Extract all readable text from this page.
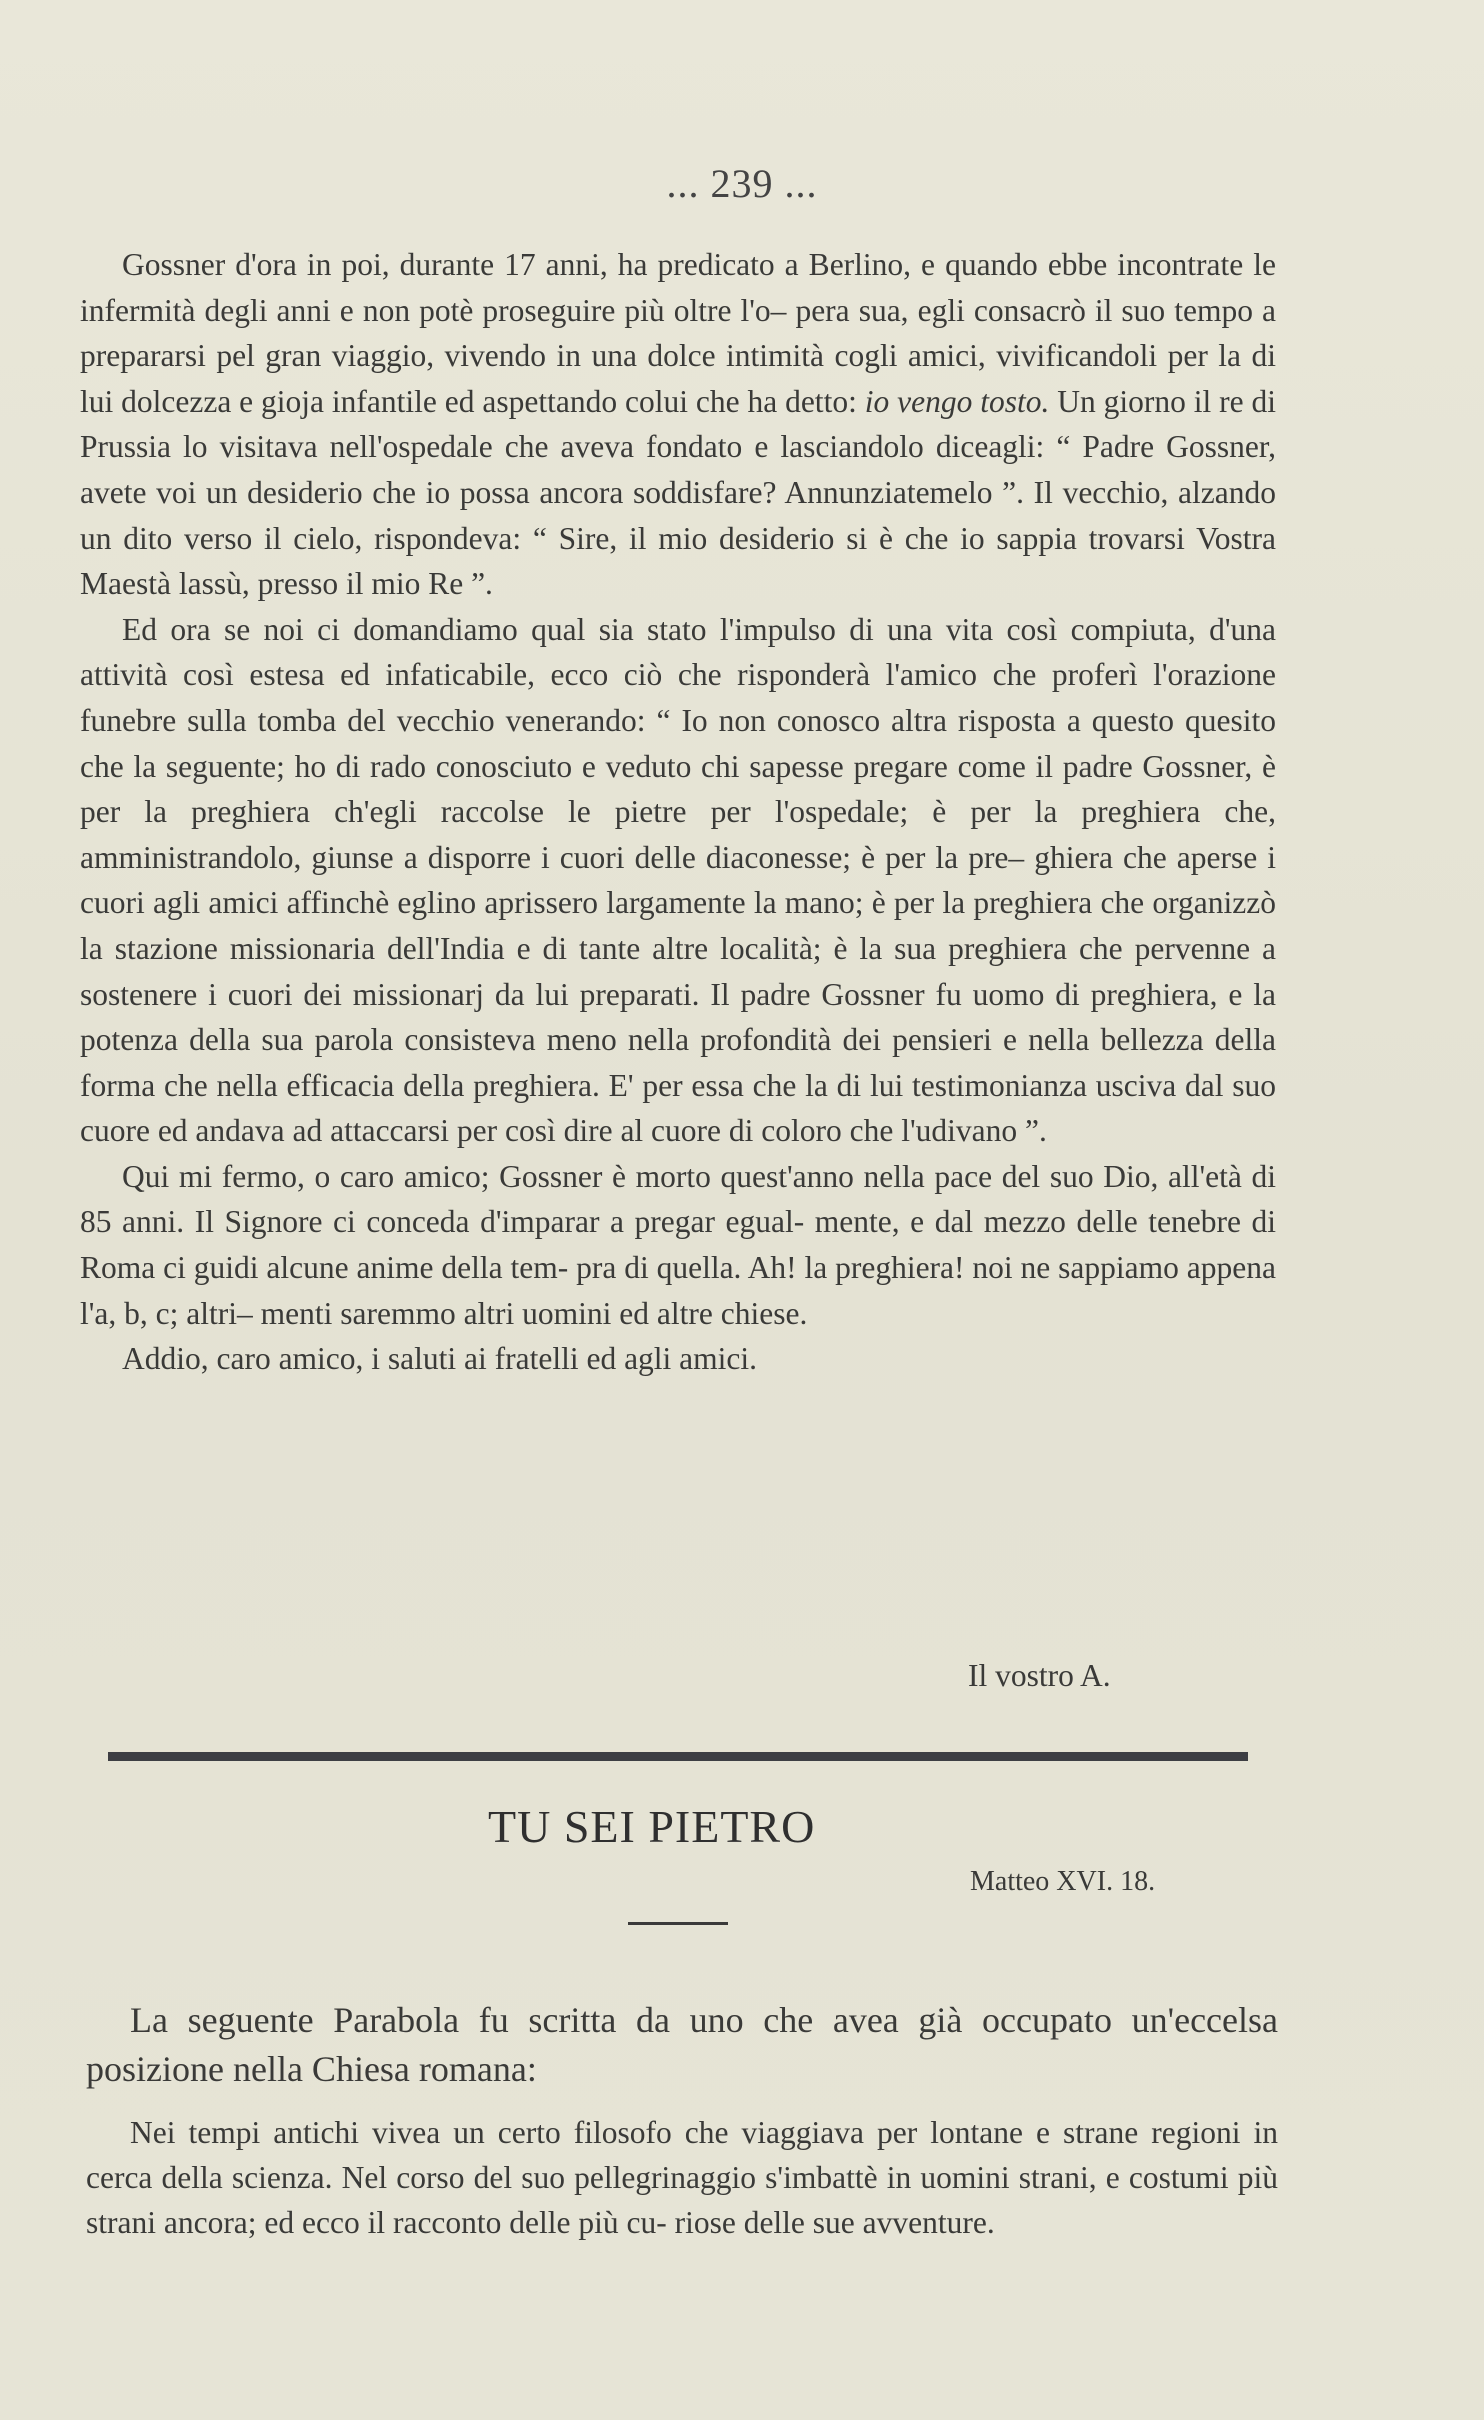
... 239 ...

Gossner d'ora in poi, durante 17 anni, ha predicato a Berlino, e quando ebbe incontrate le infermità degli anni e non potè proseguire più oltre l'o– pera sua, egli consacrò il suo tempo a prepararsi pel gran viaggio, vivendo in una dolce intimità cogli amici, vivificandoli per la di lui dolcezza e gioja infantile ed aspettando colui che ha detto: io vengo tosto. Un giorno il re di Prussia lo visitava nell'ospedale che aveva fondato e lasciandolo diceagli: “ Padre Gossner, avete voi un desiderio che io possa ancora soddisfare? Annunziatemelo ”. Il vecchio, alzando un dito verso il cielo, rispondeva: “ Sire, il mio desiderio si è che io sappia trovarsi Vostra Maestà lassù, presso il mio Re ”.

Ed ora se noi ci domandiamo qual sia stato l'impulso di una vita così compiuta, d'una attività così estesa ed infaticabile, ecco ciò che risponderà l'amico che proferì l'orazione funebre sulla tomba del vecchio venerando: “ Io non conosco altra risposta a questo quesito che la seguente; ho di rado conosciuto e veduto chi sapesse pregare come il padre Gossner, è per la preghiera ch'egli raccolse le pietre per l'ospedale; è per la preghiera che, amministrandolo, giunse a disporre i cuori delle diaconesse; è per la pre– ghiera che aperse i cuori agli amici affinchè eglino aprissero largamente la mano; è per la preghiera che organizzò la stazione missionaria dell'India e di tante altre località; è la sua preghiera che pervenne a sostenere i cuori dei missionarj da lui preparati. Il padre Gossner fu uomo di preghiera, e la potenza della sua parola consisteva meno nella profondità dei pensieri e nella bellezza della forma che nella efficacia della preghiera. E' per essa che la di lui testimonianza usciva dal suo cuore ed andava ad attaccarsi per così dire al cuore di coloro che l'udivano ”.

Qui mi fermo, o caro amico; Gossner è morto quest'anno nella pace del suo Dio, all'età di 85 anni. Il Signore ci conceda d'imparar a pregar egual- mente, e dal mezzo delle tenebre di Roma ci guidi alcune anime della tem- pra di quella. Ah! la preghiera! noi ne sappiamo appena l'a, b, c; altri– menti saremmo altri uomini ed altre chiese.

Addio, caro amico, i saluti ai fratelli ed agli amici.

Il vostro A.
TU SEI PIETRO
Matteo XVI. 18.

La seguente Parabola fu scritta da uno che avea già occupato un'eccelsa posizione nella Chiesa romana:

Nei tempi antichi vivea un certo filosofo che viaggiava per lontane e strane regioni in cerca della scienza. Nel corso del suo pellegrinaggio s'imbattè in uomini strani, e costumi più strani ancora; ed ecco il racconto delle più cu- riose delle sue avventure.
